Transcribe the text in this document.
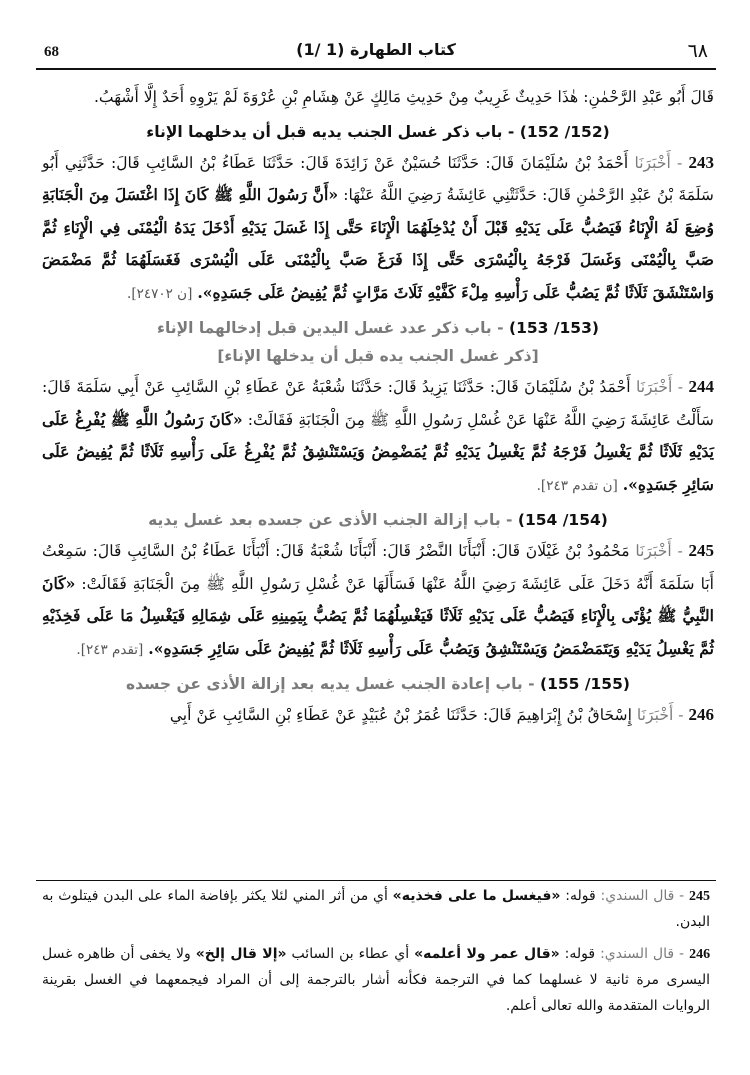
68	(1/ 1) كتاب الطهارة	٦٨

قَالَ أَبُو عَبْدِ الرَّحْمٰنِ: هٰذَا حَدِيثٌ غَرِيبٌ مِنْ حَدِيثِ مَالِكٍ عَنْ هِشَامِ بْنِ عُرْوَةَ لَمْ يَرْوِهِ أَحَدٌ إِلَّا أَشْهَبُ.

(152/ 152) - باب ذكر غسل الجنب يديه قبل أن يدخلهما الإناء

243 - أَخْبَرَنَا أَحْمَدُ بْنُ سُلَيْمَانَ قَالَ: حَدَّثَنَا حُسَيْنٌ عَنْ زَائِدَةَ قَالَ: حَدَّثَنَا عَطَاءُ بْنُ السَّائِبِ قَالَ: حَدَّثَنِي أَبُو سَلَمَةَ بْنُ عَبْدِ الرَّحْمٰنِ قَالَ: حَدَّثَتْنِي عَائِشَةُ رَضِيَ اللَّهُ عَنْهَا: «أَنَّ رَسُولَ اللَّهِ ﷺ كَانَ إِذَا اغْتَسَلَ مِنَ الْجَنَابَةِ وُضِعَ لَهُ الْإِنَاءُ فَيَصُبُّ عَلَى يَدَيْهِ قَبْلَ أَنْ يُدْخِلَهُمَا الْإِنَاءَ حَتَّى إِذَا غَسَلَ يَدَيْهِ أَدْخَلَ يَدَهُ الْيُمْنَى فِي الْإِنَاءِ ثُمَّ صَبَّ بِالْيُمْنَى وَغَسَلَ فَرْجَهُ بِالْيُسْرَى حَتَّى إِذَا فَرَغَ صَبَّ بِالْيُمْنَى عَلَى الْيُسْرَى فَغَسَلَهُمَا ثُمَّ مَضْمَضَ وَاسْتَنْشَقَ ثَلَاثًا ثُمَّ يَصُبُّ عَلَى رَأْسِهِ مِلْءَ كَفَّيْهِ ثَلَاثَ مَرَّاتٍ ثُمَّ يُفِيضُ عَلَى جَسَدِهِ». [ن ٢٤٧٠٢].

(153/ 153) - باب ذكر عدد غسل اليدين قبل إدخالهما الإناء

[ذكر غسل الجنب يده قبل أن يدخلها الإناء]

244 - أَخْبَرَنَا أَحْمَدُ بْنُ سُلَيْمَانَ قَالَ: حَدَّثَنَا يَزِيدُ قَالَ: حَدَّثَنَا شُعْبَةُ عَنْ عَطَاءِ بْنِ السَّائِبِ عَنْ أَبِي سَلَمَةَ قَالَ: سَأَلْتُ عَائِشَةَ رَضِيَ اللَّهُ عَنْهَا عَنْ غُسْلِ رَسُولِ اللَّهِ ﷺ مِنَ الْجَنَابَةِ فَقَالَتْ: «كَانَ رَسُولُ اللَّهِ ﷺ يُفْرِغُ عَلَى يَدَيْهِ ثَلَاثًا ثُمَّ يَغْسِلُ فَرْجَهُ ثُمَّ يَغْسِلُ يَدَيْهِ ثُمَّ يُمَضْمِضُ وَيَسْتَنْشِقُ ثُمَّ يُفْرِغُ عَلَى رَأْسِهِ ثَلَاثًا ثُمَّ يُفِيضُ عَلَى سَائِرِ جَسَدِهِ». [ن تقدم ٢٤٣].

(154/ 154) - باب إزالة الجنب الأذى عن جسده بعد غسل يديه

245 - أَخْبَرَنَا مَحْمُودُ بْنُ غَيْلَانَ قَالَ: أَنْبَأَنَا النَّضْرُ قَالَ: أَنْبَأَنَا شُعْبَةُ قَالَ: أَنْبَأَنَا عَطَاءُ بْنُ السَّائِبِ قَالَ: سَمِعْتُ أَبَا سَلَمَةَ أَنَّهُ دَخَلَ عَلَى عَائِشَةَ رَضِيَ اللَّهُ عَنْهَا فَسَأَلَهَا عَنْ غُسْلِ رَسُولِ اللَّهِ ﷺ مِنَ الْجَنَابَةِ فَقَالَتْ: «كَانَ النَّبِيُّ ﷺ يُؤْتَى بِالْإِنَاءِ فَيَصُبُّ عَلَى يَدَيْهِ ثَلَاثًا فَيَغْسِلُهُمَا ثُمَّ يَصُبُّ بِيَمِينِهِ عَلَى شِمَالِهِ فَيَغْسِلُ مَا عَلَى فَخِذَيْهِ ثُمَّ يَغْسِلُ يَدَيْهِ وَيَتَمَضْمَضُ وَيَسْتَنْشِقُ وَيَصُبُّ عَلَى رَأْسِهِ ثَلَاثًا ثُمَّ يُفِيضُ عَلَى سَائِرِ جَسَدِهِ». [تقدم ٢٤٣].

(155/ 155) - باب إعادة الجنب غسل يديه بعد إزالة الأذى عن جسده

246 - أَخْبَرَنَا إِسْحَاقُ بْنُ إِبْرَاهِيمَ قَالَ: حَدَّثَنَا عُمَرُ بْنُ عُبَيْدٍ عَنْ عَطَاءِ بْنِ السَّائِبِ عَنْ أَبِي

245 - قال السندي: قوله: «فيغسل ما على فخذيه» أي من أثر المني لئلا يكثر بإفاضة الماء على البدن فيتلوث به البدن.

246 - قال السندي: قوله: «قال عمر ولا أعلمه» أي عطاء بن السائب «إلا قال إلخ» ولا يخفى أن ظاهره غسل اليسرى مرة ثانية لا غسلهما كما في الترجمة فكأنه أشار بالترجمة إلى أن المراد فيجمعهما في الغسل بقرينة الروايات المتقدمة والله تعالى أعلم.
